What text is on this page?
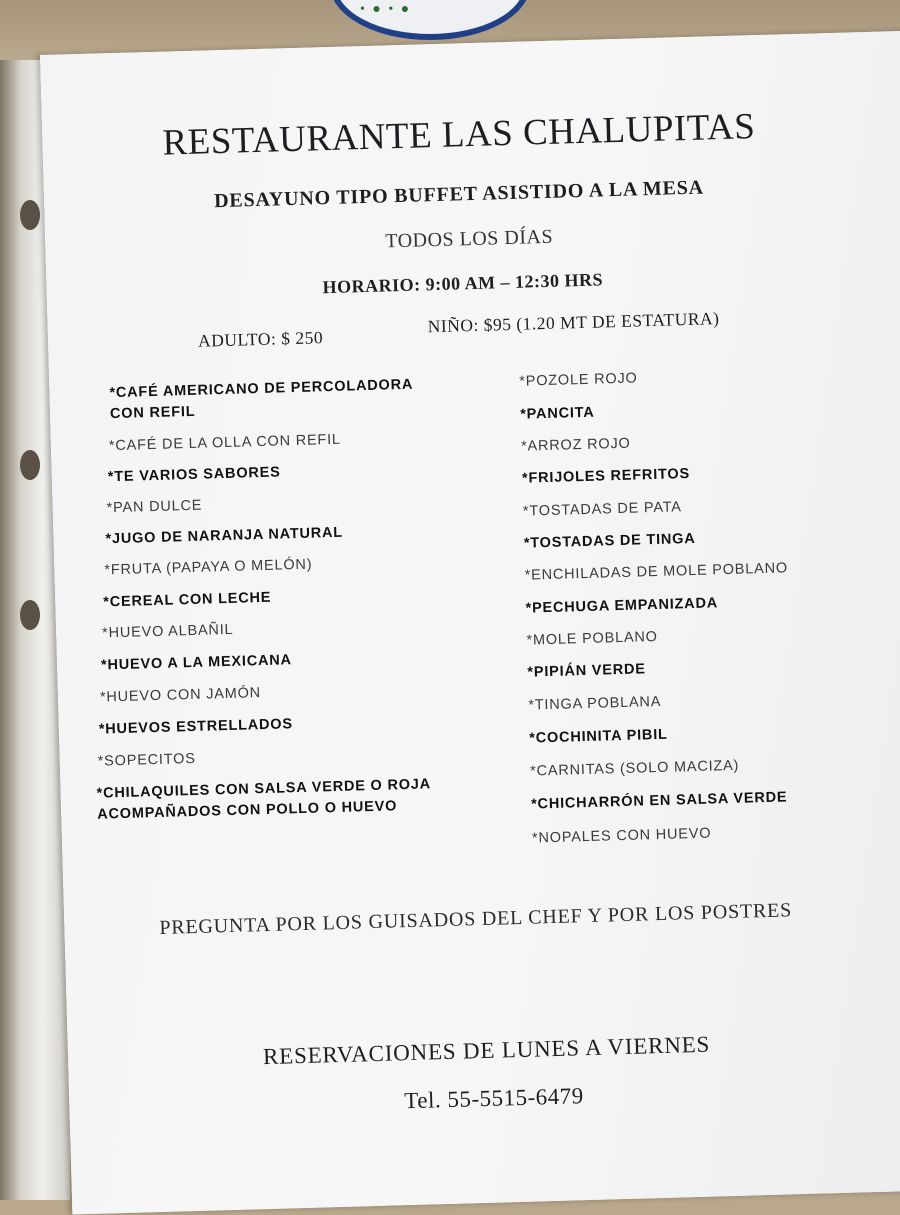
• ● • ●
RESTAURANTE LAS CHALUPITAS
DESAYUNO TIPO BUFFET ASISTIDO A LA MESA
TODOS LOS DÍAS
HORARIO: 9:00 AM – 12:30 HRS
ADULTO: $ 250
NIÑO: $95 (1.20 MT DE ESTATURA)
*CAFÉ AMERICANO DE PERCOLADORA
CON REFIL
*CAFÉ DE LA OLLA CON REFIL
*TE VARIOS SABORES
*PAN DULCE
*JUGO DE NARANJA NATURAL
*FRUTA (PAPAYA O MELÓN)
*CEREAL CON LECHE
*HUEVO ALBAÑIL
*HUEVO A LA MEXICANA
*HUEVO CON JAMÓN
*HUEVOS ESTRELLADOS
*SOPECITOS
*CHILAQUILES CON SALSA VERDE O ROJA
ACOMPAÑADOS CON POLLO O HUEVO
*POZOLE ROJO
*PANCITA
*ARROZ ROJO
*FRIJOLES REFRITOS
*TOSTADAS DE PATA
*TOSTADAS DE TINGA
*ENCHILADAS DE MOLE POBLANO
*PECHUGA EMPANIZADA
*MOLE POBLANO
*PIPIÁN VERDE
*TINGA POBLANA
*COCHINITA PIBIL
*CARNITAS (SOLO MACIZA)
*CHICHARRÓN EN SALSA VERDE
*NOPALES CON HUEVO
PREGUNTA POR LOS GUISADOS DEL CHEF Y POR LOS POSTRES
RESERVACIONES DE LUNES A VIERNES
Tel. 55-5515-6479
